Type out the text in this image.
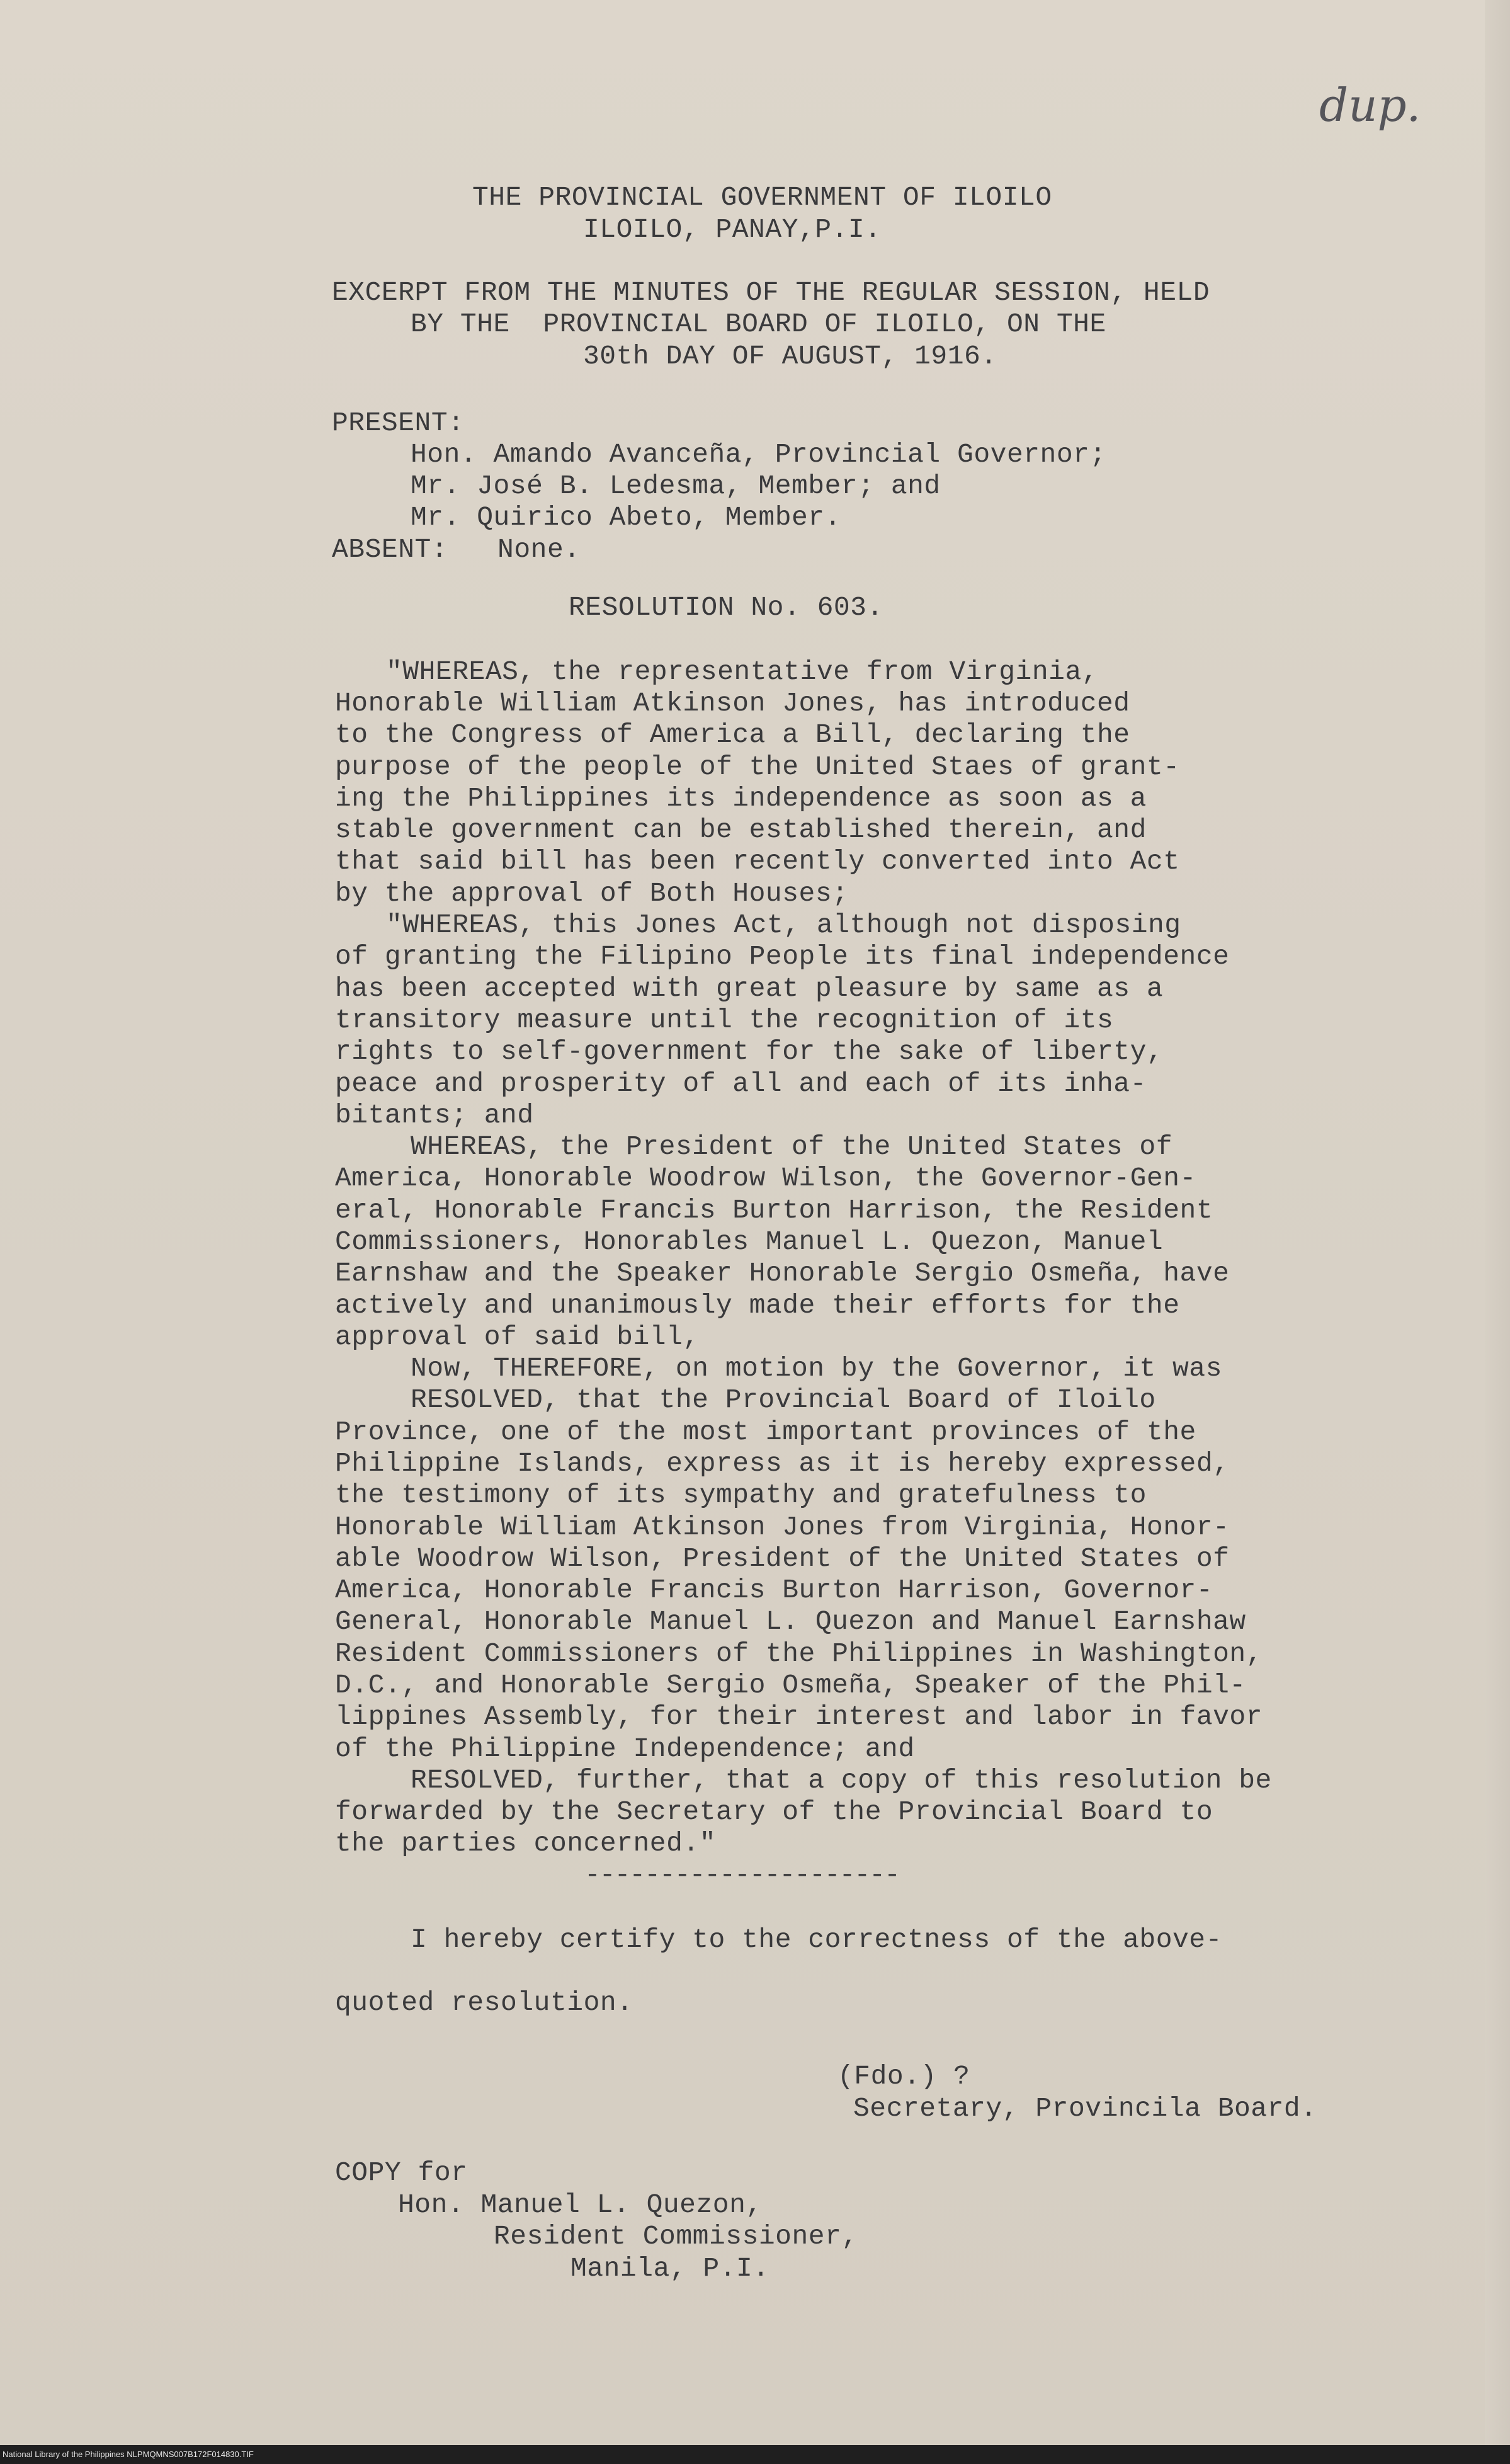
dup.
THE PROVINCIAL GOVERNMENT OF ILOILO
ILOILO, PANAY,P.I.
EXCERPT FROM THE MINUTES OF THE REGULAR SESSION, HELD
BY THE  PROVINCIAL BOARD OF ILOILO, ON THE
30th DAY OF AUGUST, 1916.
PRESENT:
Hon. Amando Avanceña, Provincial Governor;
Mr. José B. Ledesma, Member; and
Mr. Quirico Abeto, Member.
ABSENT:   None.
RESOLUTION No. 603.
"WHEREAS, the representative from Virginia,
Honorable William Atkinson Jones, has introduced
to the Congress of America a Bill, declaring the
purpose of the people of the United Staes of grant-
ing the Philippines its independence as soon as a
stable government can be established therein, and
that said bill has been recently converted into Act
by the approval of Both Houses;
"WHEREAS, this Jones Act, although not disposing
of granting the Filipino People its final independence
has been accepted with great pleasure by same as a
transitory measure until the recognition of its
rights to self-government for the sake of liberty,
peace and prosperity of all and each of its inha-
bitants; and
WHEREAS, the President of the United States of
America, Honorable Woodrow Wilson, the Governor-Gen-
eral, Honorable Francis Burton Harrison, the Resident
Commissioners, Honorables Manuel L. Quezon, Manuel
Earnshaw and the Speaker Honorable Sergio Osmeña, have
actively and unanimously made their efforts for the
approval of said bill,
Now, THEREFORE, on motion by the Governor, it was
RESOLVED, that the Provincial Board of Iloilo
Province, one of the most important provinces of the
Philippine Islands, express as it is hereby expressed,
the testimony of its sympathy and gratefulness to
Honorable William Atkinson Jones from Virginia, Honor-
able Woodrow Wilson, President of the United States of
America, Honorable Francis Burton Harrison, Governor-
General, Honorable Manuel L. Quezon and Manuel Earnshaw
Resident Commissioners of the Philippines in Washington,
D.C., and Honorable Sergio Osmeña, Speaker of the Phil-
lippines Assembly, for their interest and labor in favor
of the Philippine Independence; and
RESOLVED, further, that a copy of this resolution be
forwarded by the Secretary of the Provincial Board to
the parties concerned."
---------------------
I hereby certify to the correctness of the above-
quoted resolution.
(Fdo.) ?
Secretary, Provincila Board.
COPY for
Hon. Manuel L. Quezon,
Resident Commissioner,
Manila, P.I.
National Library of the Philippines NLPMQMNS007B172F014830.TIF
